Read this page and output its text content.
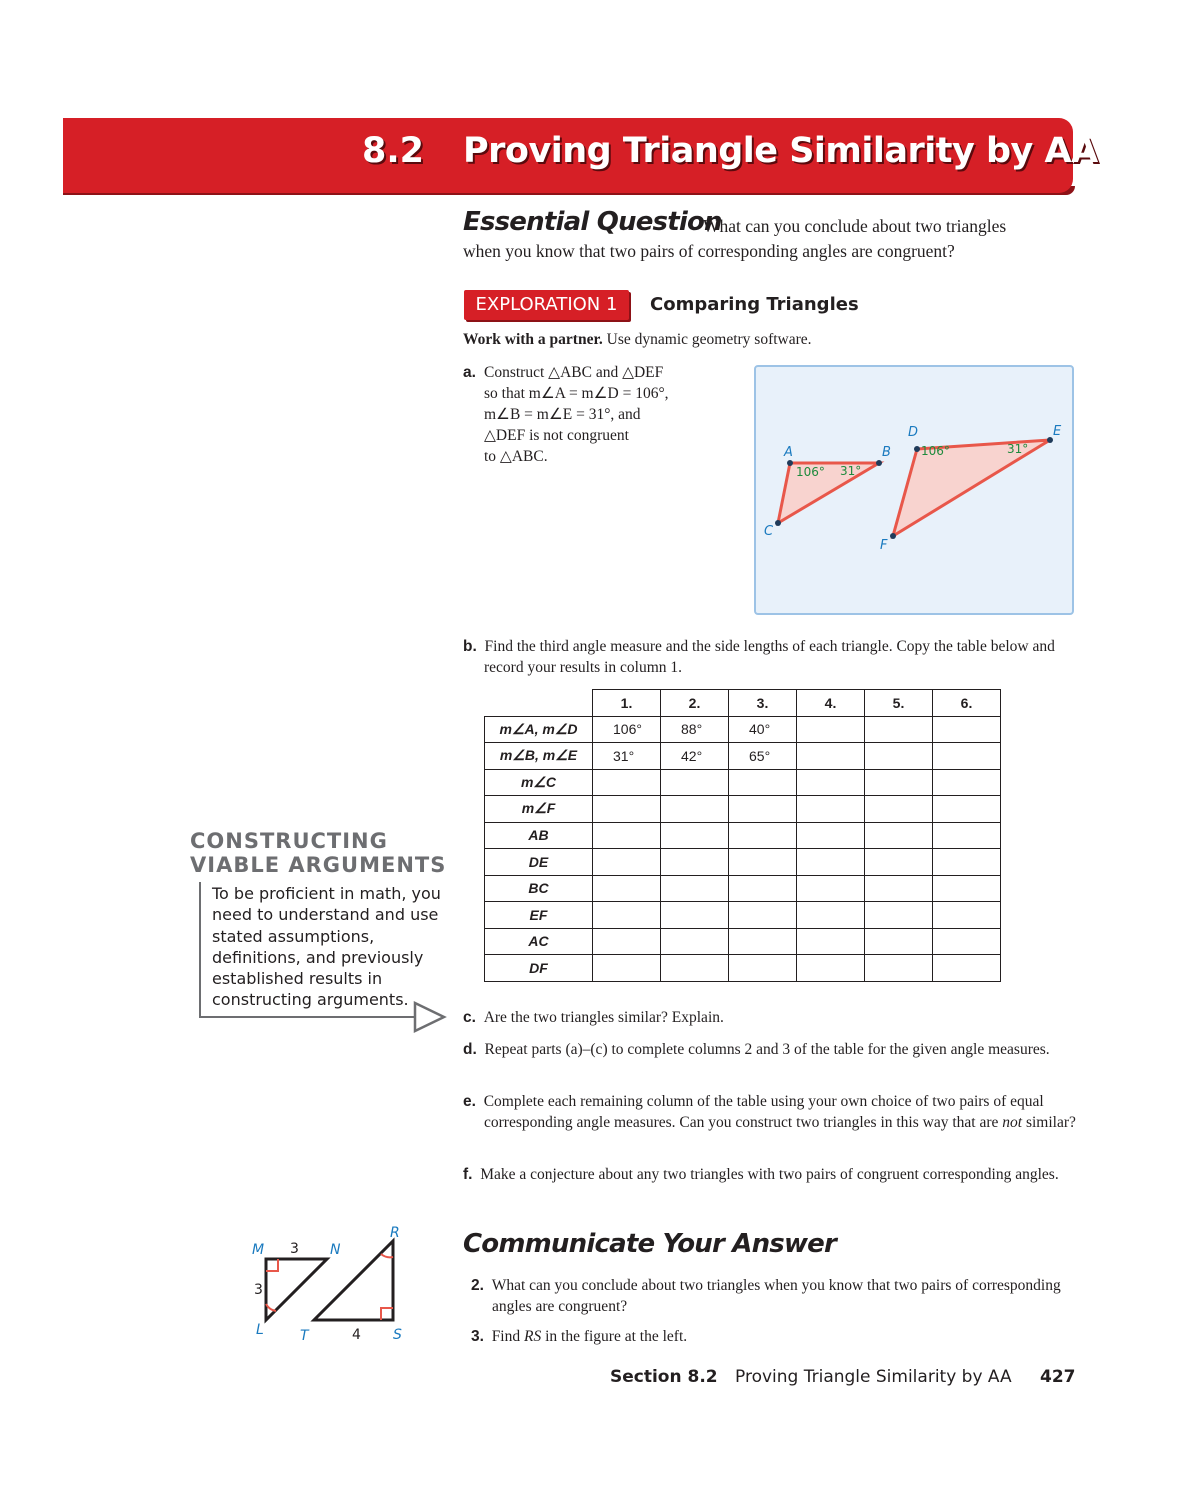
8.2 Proving Triangle Similarity by AA
Essential Question
What can you conclude about two triangles
when you know that two pairs of corresponding angles are congruent?
EXPLORATION 1	Comparing Triangles
Work with a partner. Use dynamic geometry software.
a. Construct △ABC and △DEF
so that m∠A = m∠D = 106°,
m∠B = m∠E = 31°, and
△DEF is not congruent
to △ABC.	A	B
C
D	E
F
106° 31°
106°	31°
b. Find the third angle measure and the side lengths of each triangle. Copy the table below and record your results in column 1.
	1.	2.	3.	4.	5.	6.
m∠A, m∠D	106°	88°	40°			
m∠B, m∠E	31°	42°	65°			
m∠C						
m∠F						
AB						
DE						
BC						
EF						
AC						
DF						
c. Are the two triangles similar? Explain.
d. Repeat parts (a)–(c) to complete columns 2 and 3 of the table for the given angle measures.
e. Complete each remaining column of the table using your own choice of two pairs of equal corresponding angle measures. Can you construct two triangles in this way that are not similar?
f. Make a conjecture about any two triangles with two pairs of congruent corresponding angles.
CONSTRUCTING
VIABLE ARGUMENTS
To be proficient in math, you need to understand and use stated assumptions, definitions, and previously established results in constructing arguments.
M	N
3
3
L	T	4 S
R Communicate Your Answer
2. What can you conclude about two triangles when you know that two pairs of corresponding angles are congruent?
3. Find RS in the figure at the left.
Section 8.2 Proving Triangle Similarity by AA 427
